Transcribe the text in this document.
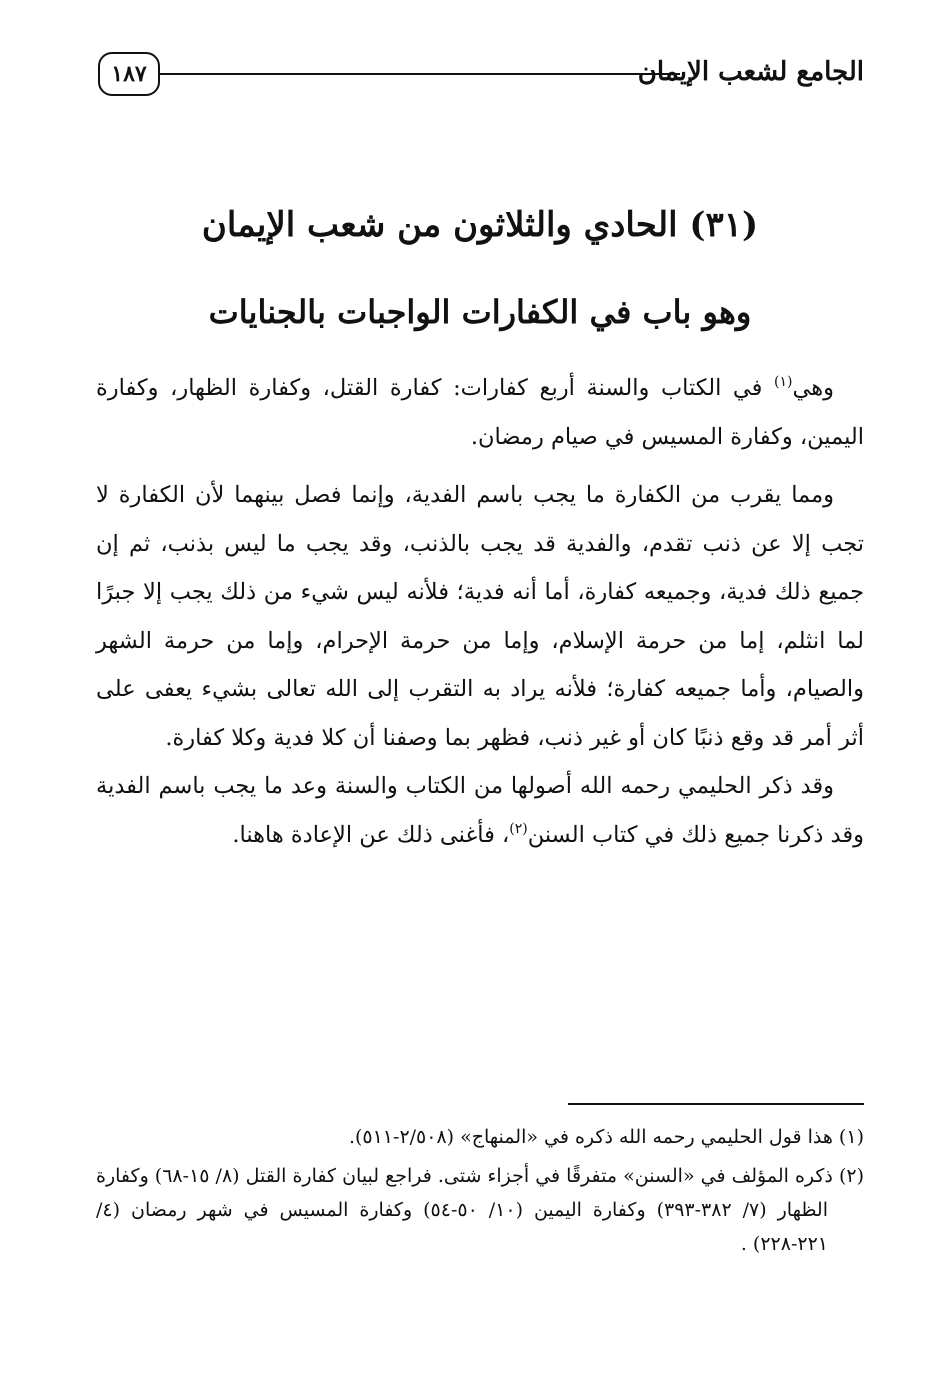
الجامع لشعب الإيمان
١٨٧
(٣١) الحادي والثلاثون من شعب الإيمان
وهو باب في الكفارات الواجبات بالجنايات

وهي$^{(١)}$ في الكتاب والسنة أربع كفارات: كفارة القتل، وكفارة الظهار، وكفارة اليمين، وكفارة المسيس في صيام رمضان.

ومما يقرب من الكفارة ما يجب باسم الفدية، وإنما فصل بينهما لأن الكفارة لا تجب إلا عن ذنب تقدم، والفدية قد يجب بالذنب، وقد يجب ما ليس بذنب، ثم إن جميع ذلك فدية، وجميعه كفارة، أما أنه فدية؛ فلأنه ليس شيء من ذلك يجب إلا جبرًا لما انثلم، إما من حرمة الإسلام، وإما من حرمة الإحرام، وإما من حرمة الشهر والصيام، وأما جميعه كفارة؛ فلأنه يراد به التقرب إلى الله تعالى بشيء يعفى على أثر أمر قد وقع ذنبًا كان أو غير ذنب، فظهر بما وصفنا أن كلا فدية وكلا كفارة.

وقد ذكر الحليمي رحمه الله أصولها من الكتاب والسنة وعد ما يجب باسم الفدية وقد ذكرنا جميع ذلك في كتاب السنن$^{(٢)}$، فأغنى ذلك عن الإعادة هاهنا.

(١) هذا قول الحليمي رحمه الله ذكره في «المنهاج» (٢/٥٠٨-٥١١).

(٢) ذكره المؤلف في «السنن» متفرقًا في أجزاء شتى. فراجع لبيان كفارة القتل (٨/ ١٥-٦٨) وكفارة الظهار (٧/ ٣٨٢-٣٩٣) وكفارة اليمين (١٠/ ٥٠-٥٤) وكفارة المسيس في شهر رمضان (٤/ ٢٢١-٢٢٨) .
